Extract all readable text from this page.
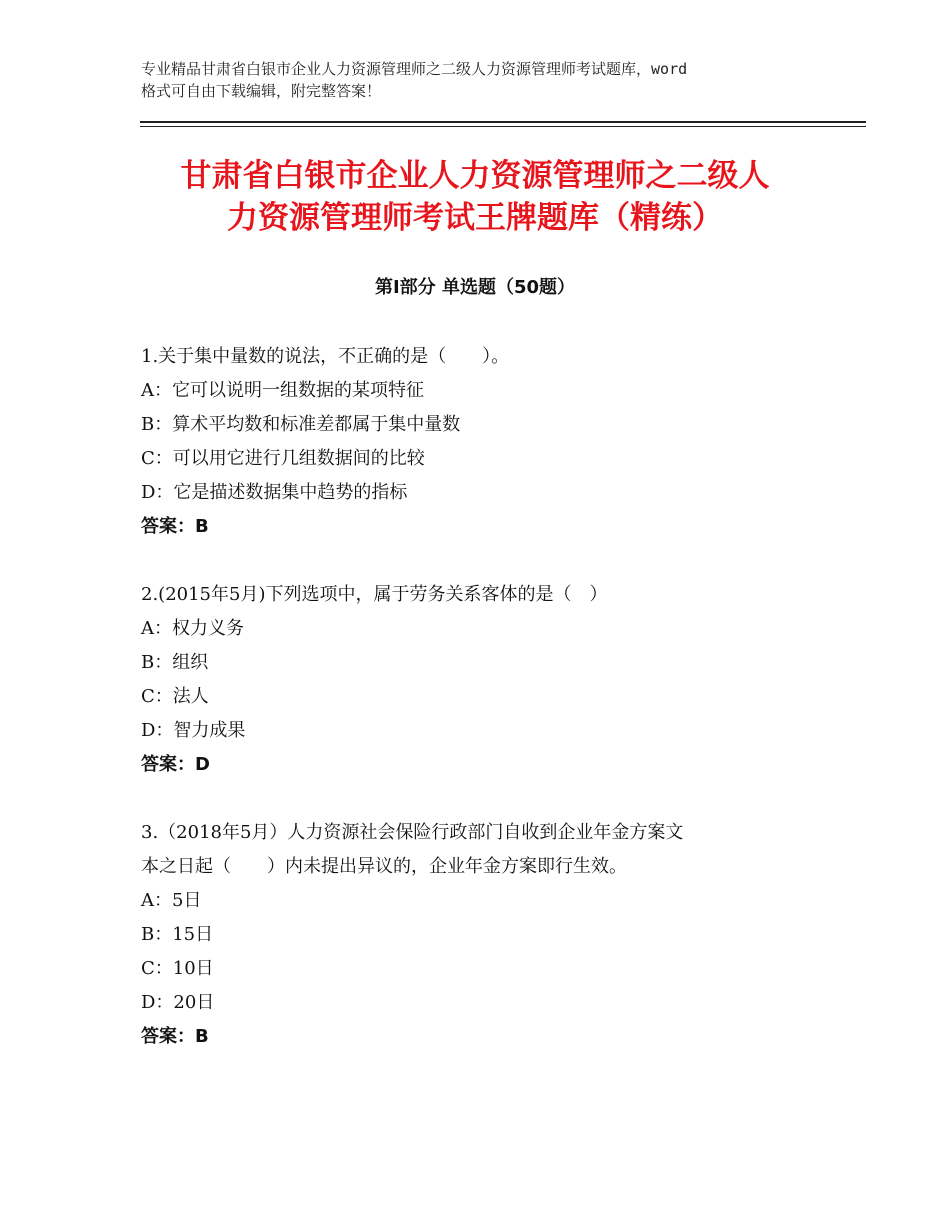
专业精品甘肃省白银市企业人力资源管理师之二级人力资源管理师考试题库，word
格式可自由下载编辑，附完整答案！
甘肃省白银市企业人力资源管理师之二级人
力资源管理师考试王牌题库（精练）
第Ⅰ部分 单选题（50题）
1.关于集中量数的说法，不正确的是（　　）。
A：它可以说明一组数据的某项特征
B：算术平均数和标准差都属于集中量数
C：可以用它进行几组数据间的比较
D：它是描述数据集中趋势的指标
答案：B
2.(2015年5月)下列选项中，属于劳务关系客体的是（　）
A：权力义务
B：组织
C：法人
D：智力成果
答案：D
3.（2018年5月）人力资源社会保险行政部门自收到企业年金方案文
本之日起（　　）内未提出异议的，企业年金方案即行生效。
A：5日
B：15日
C：10日
D：20日
答案：B
